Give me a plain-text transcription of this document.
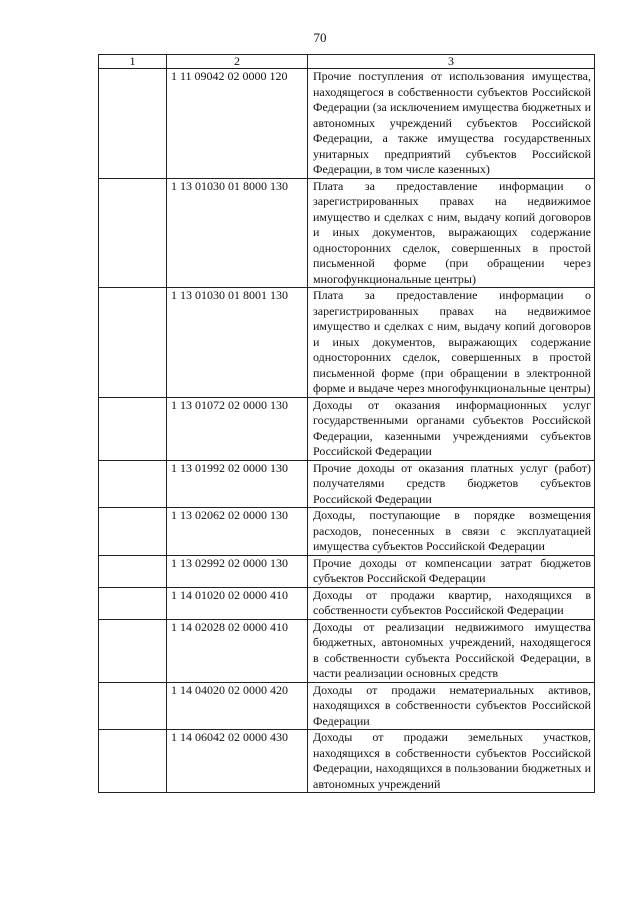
70
1	2	3
	1 11 09042 02 0000 120	Прочие поступления от использования имущества, находящегося в собственности субъектов Российской Федерации (за исключением имущества бюджетных и автономных учреждений субъектов Российской Федерации, а также имущества государственных унитарных предприятий субъектов Российской Федерации, в том числе казенных)
	1 13 01030 01 8000 130	Плата за предоставление информации о зарегистрированных правах на недвижимое имущество и сделках с ним, выдачу копий договоров и иных документов, выражающих содержание односторонних сделок, совершенных в простой письменной форме (при обращении через многофункциональные центры)
	1 13 01030 01 8001 130	Плата за предоставление информации о зарегистрированных правах на недвижимое имущество и сделках с ним, выдачу копий договоров и иных документов, выражающих содержание односторонних сделок, совершенных в простой письменной форме (при обращении в электронной форме и выдаче через многофункциональные центры)
	1 13 01072 02 0000 130	Доходы от оказания информационных услуг государственными органами субъектов Российской Федерации, казенными учреждениями субъектов Российской Федерации
	1 13 01992 02 0000 130	Прочие доходы от оказания платных услуг (работ) получателями средств бюджетов субъектов Российской Федерации
	1 13 02062 02 0000 130	Доходы, поступающие в порядке возмещения расходов, понесенных в связи с эксплуатацией имущества субъектов Российской Федерации
	1 13 02992 02 0000 130	Прочие доходы от компенсации затрат бюджетов субъектов Российской Федерации
	1 14 01020 02 0000 410	Доходы от продажи квартир, находящихся в собственности субъектов Российской Федерации
	1 14 02028 02 0000 410	Доходы от реализации недвижимого имущества бюджетных, автономных учреждений, находящегося в собственности субъекта Российской Федерации, в части реализации основных средств
	1 14 04020 02 0000 420	Доходы от продажи нематериальных активов, находящихся в собственности субъектов Российской Федерации
	1 14 06042 02 0000 430	Доходы от продажи земельных участков, находящихся в собственности субъектов Российской Федерации, находящихся в пользовании бюджетных и автономных учреждений
